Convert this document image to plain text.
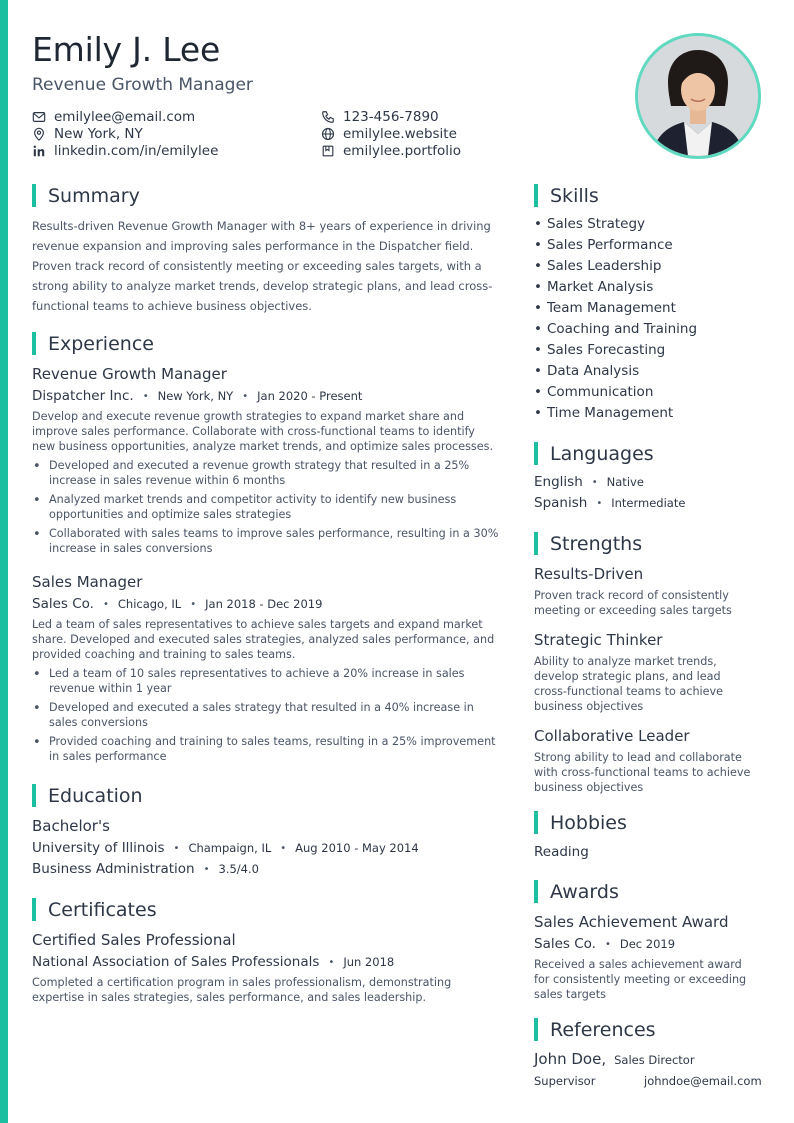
Emily J. Lee
Revenue Growth Manager
emilylee@email.com
New York, NY
linkedin.com/in/emilylee
123-456-7890
emilylee.website
emilylee.portfolio
Summary
Results-driven Revenue Growth Manager with 8+ years of experience in driving
revenue expansion and improving sales performance in the Dispatcher field.
Proven track record of consistently meeting or exceeding sales targets, with a
strong ability to analyze market trends, develop strategic plans, and lead cross-
functional teams to achieve business objectives.
Experience
Revenue Growth Manager
Dispatcher Inc. • New York, NY • Jan 2020 - Present
Develop and execute revenue growth strategies to expand market share and
improve sales performance. Collaborate with cross-functional teams to identify
new business opportunities, analyze market trends, and optimize sales processes.
• Developed and executed a revenue growth strategy that resulted in a 25%
increase in sales revenue within 6 months
• Analyzed market trends and competitor activity to identify new business
opportunities and optimize sales strategies
• Collaborated with sales teams to improve sales performance, resulting in a 30%
increase in sales conversions
Sales Manager
Sales Co. • Chicago, IL • Jan 2018 - Dec 2019
Led a team of sales representatives to achieve sales targets and expand market
share. Developed and executed sales strategies, analyzed sales performance, and
provided coaching and training to sales teams.
• Led a team of 10 sales representatives to achieve a 20% increase in sales
revenue within 1 year
• Developed and executed a sales strategy that resulted in a 40% increase in
sales conversions
• Provided coaching and training to sales teams, resulting in a 25% improvement
in sales performance
Education
Bachelor's
University of Illinois • Champaign, IL • Aug 2010 - May 2014
Business Administration • 3.5/4.0
Certificates
Certified Sales Professional
National Association of Sales Professionals • Jun 2018
Completed a certification program in sales professionalism, demonstrating
expertise in sales strategies, sales performance, and sales leadership.
Skills
• Sales Strategy
• Sales Performance
• Sales Leadership
• Market Analysis
• Team Management
• Coaching and Training
• Sales Forecasting
• Data Analysis
• Communication
• Time Management
Languages
English • Native
Spanish • Intermediate
Strengths
Results-Driven
Proven track record of consistently
meeting or exceeding sales targets
Strategic Thinker
Ability to analyze market trends,
develop strategic plans, and lead
cross-functional teams to achieve
business objectives
Collaborative Leader
Strong ability to lead and collaborate
with cross-functional teams to achieve
business objectives
Hobbies
Reading
Awards
Sales Achievement Award
Sales Co. • Dec 2019
Received a sales achievement award
for consistently meeting or exceeding
sales targets
References
John Doe, Sales Director
Supervisor	johndoe@email.com
